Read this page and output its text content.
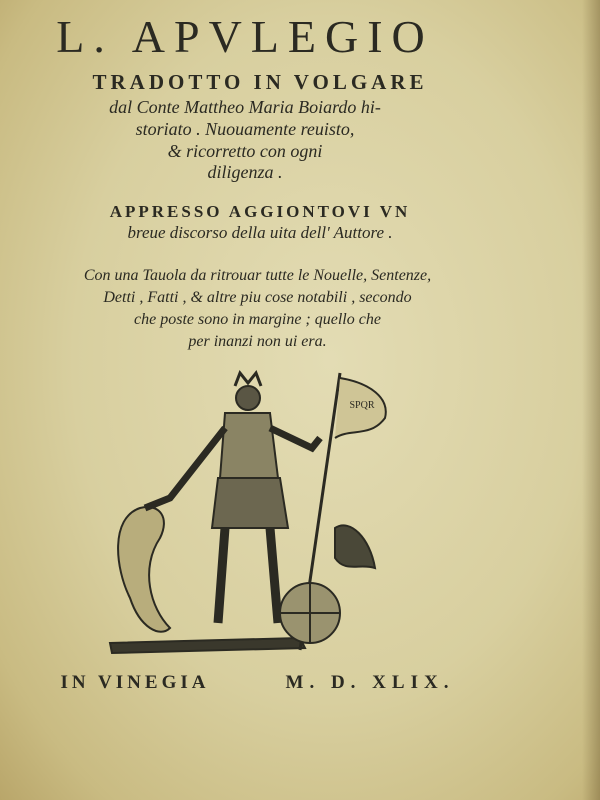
L. APVLEGIO
TRADOTTO IN VOLGARE
dal Conte Mattheo Maria Boiardo hi-
storiato . Nuouamente reuisto,
& ricorretto con ogni
diligenza .
APPRESSO AGGIONTOVI VN
breue discorso della uita dell' Auttore .
Con una Tauola da ritrouar tutte le Nouelle, Sentenze,
Detti , Fatti , & altre piu cose notabili , secondo
che poste sono in margine ; quello che
per inanzi non ui era.
SPQR
IN VINEGIA	M. D. XLIX.
